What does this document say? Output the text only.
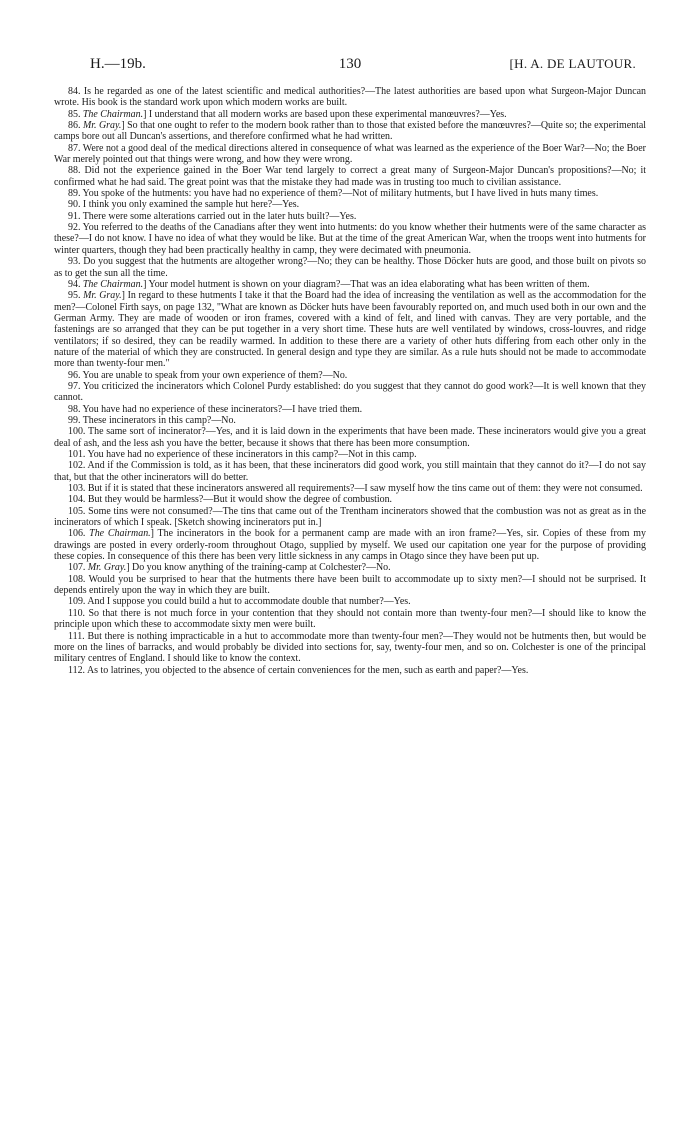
H.—19b.	130	[H. A. DE LAUTOUR.

84. Is he regarded as one of the latest scientific and medical authorities?—The latest authorities are based upon what Surgeon-Major Duncan wrote. His book is the standard work upon which modern works are built.

85. The Chairman.] I understand that all modern works are based upon these experimental manœuvres?—Yes.

86. Mr. Gray.] So that one ought to refer to the modern book rather than to those that existed before the manœuvres?—Quite so; the experimental camps bore out all Duncan's assertions, and therefore confirmed what he had written.

87. Were not a good deal of the medical directions altered in consequence of what was learned as the experience of the Boer War?—No; the Boer War merely pointed out that things were wrong, and how they were wrong.

88. Did not the experience gained in the Boer War tend largely to correct a great many of Surgeon-Major Duncan's propositions?—No; it confirmed what he had said. The great point was that the mistake they had made was in trusting too much to civilian assistance.

89. You spoke of the hutments: you have had no experience of them?—Not of military hutments, but I have lived in huts many times.

90. I think you only examined the sample hut here?—Yes.

91. There were some alterations carried out in the later huts built?—Yes.

92. You referred to the deaths of the Canadians after they went into hutments: do you know whether their hutments were of the same character as these?—I do not know. I have no idea of what they would be like. But at the time of the great American War, when the troops went into hutments for winter quarters, though they had been practically healthy in camp, they were decimated with pneumonia.

93. Do you suggest that the hutments are altogether wrong?—No; they can be healthy. Those Döcker huts are good, and those built on pivots so as to get the sun all the time.

94. The Chairman.] Your model hutment is shown on your diagram?—That was an idea elaborating what has been written of them.

95. Mr. Gray.] In regard to these hutments I take it that the Board had the idea of increasing the ventilation as well as the accommodation for the men?—Colonel Firth says, on page 132, "What are known as Döcker huts have been favourably reported on, and much used both in our own and the German Army. They are made of wooden or iron frames, covered with a kind of felt, and lined with canvas. They are very portable, and the fastenings are so arranged that they can be put together in a very short time. These huts are well ventilated by windows, cross-louvres, and ridge ventilators; if so desired, they can be readily warmed. In addition to these there are a variety of other huts differing from each other only in the nature of the material of which they are constructed. In general design and type they are similar. As a rule huts should not be made to accommodate more than twenty-four men."

96. You are unable to speak from your own experience of them?—No.

97. You criticized the incinerators which Colonel Purdy established: do you suggest that they cannot do good work?—It is well known that they cannot.

98. You have had no experience of these incinerators?—I have tried them.

99. These incinerators in this camp?—No.

100. The same sort of incinerator?—Yes, and it is laid down in the experiments that have been made. These incinerators would give you a great deal of ash, and the less ash you have the better, because it shows that there has been more consumption.

101. You have had no experience of these incinerators in this camp?—Not in this camp.

102. And if the Commission is told, as it has been, that these incinerators did good work, you still maintain that they cannot do it?—I do not say that, but that the other incinerators will do better.

103. But if it is stated that these incinerators answered all requirements?—I saw myself how the tins came out of them: they were not consumed.

104. But they would be harmless?—But it would show the degree of combustion.

105. Some tins were not consumed?—The tins that came out of the Trentham incinerators showed that the combustion was not as great as in the incinerators of which I speak. [Sketch showing incinerators put in.]

106. The Chairman.] The incinerators in the book for a permanent camp are made with an iron frame?—Yes, sir. Copies of these from my drawings are posted in every orderly-room throughout Otago, supplied by myself. We used our capitation one year for the purpose of providing these copies. In consequence of this there has been very little sickness in any camps in Otago since they have been put up.

107. Mr. Gray.] Do you know anything of the training-camp at Colchester?—No.

108. Would you be surprised to hear that the hutments there have been built to accommodate up to sixty men?—I should not be surprised. It depends entirely upon the way in which they are built.

109. And I suppose you could build a hut to accommodate double that number?—Yes.

110. So that there is not much force in your contention that they should not contain more than twenty-four men?—I should like to know the principle upon which these to accommodate sixty men were built.

111. But there is nothing impracticable in a hut to accommodate more than twenty-four men?—They would not be hutments then, but would be more on the lines of barracks, and would probably be divided into sections for, say, twenty-four men, and so on. Colchester is one of the principal military centres of England. I should like to know the context.

112. As to latrines, you objected to the absence of certain conveniences for the men, such as earth and paper?—Yes.
